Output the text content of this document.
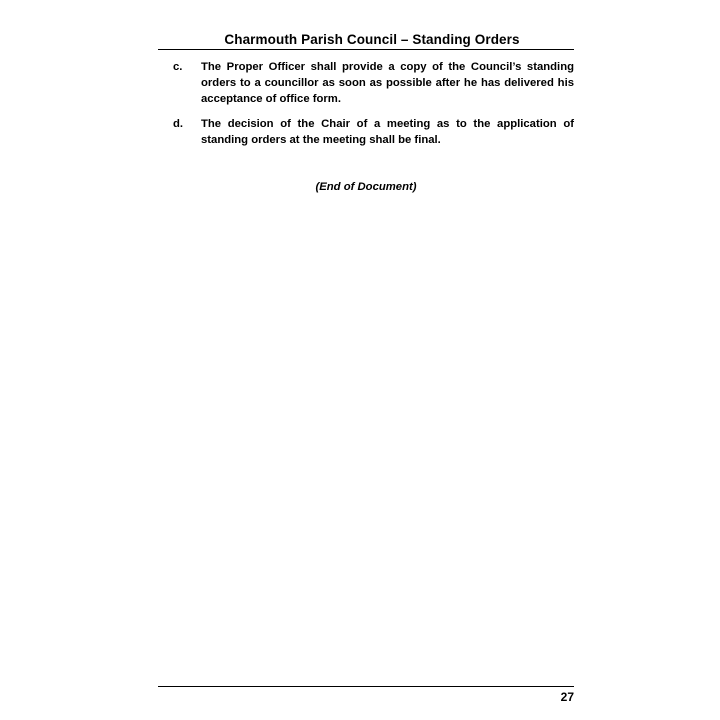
Charmouth Parish Council – Standing Orders
c.	The Proper Officer shall provide a copy of the Council’s standing orders to a councillor as soon as possible after he has delivered his acceptance of office form.
d.	The decision of the Chair of a meeting as to the application of standing orders at the meeting shall be final.
(End of Document)
27
